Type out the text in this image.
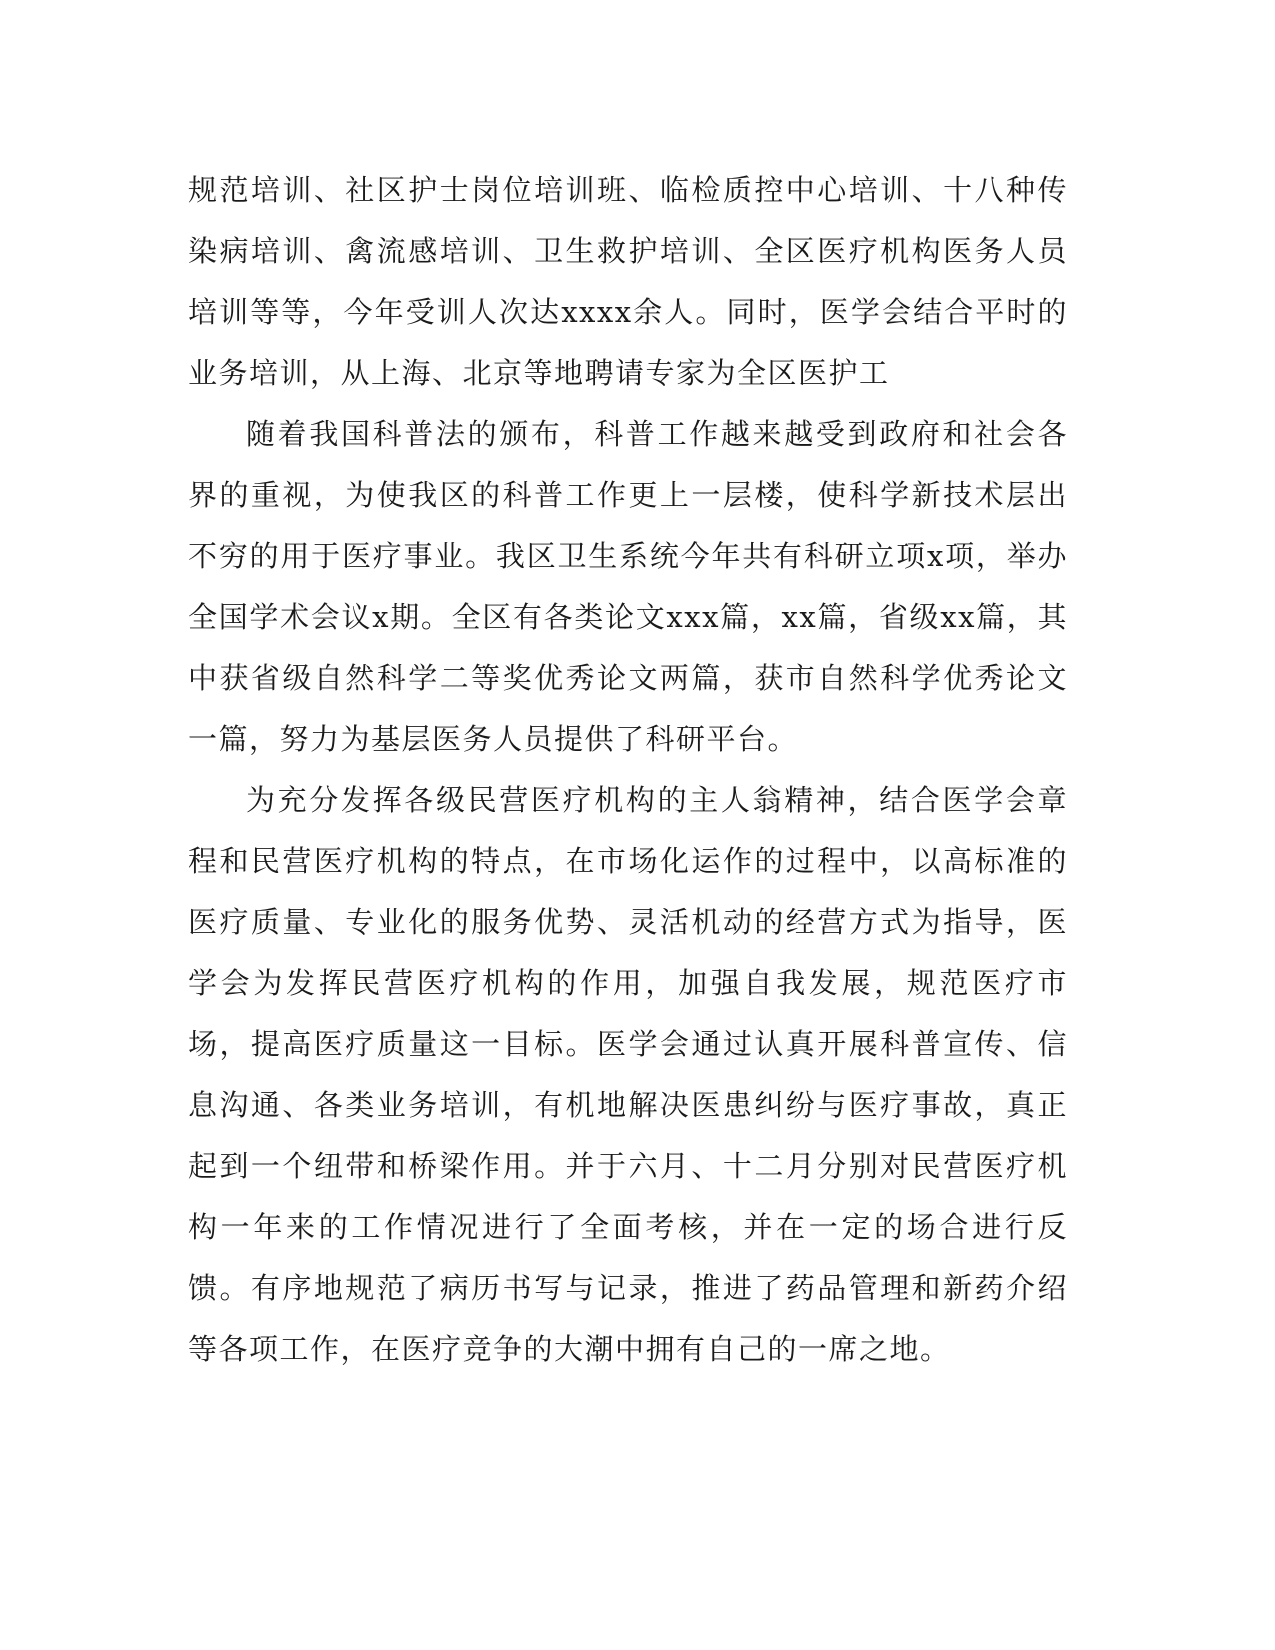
规范培训、社区护士岗位培训班、临检质控中心培训、十八种传染病培训、禽流感培训、卫生救护培训、全区医疗机构医务人员培训等等，今年受训人次达xxxx余人。同时，医学会结合平时的业务培训，从上海、北京等地聘请专家为全区医护工

随着我国科普法的颁布，科普工作越来越受到政府和社会各界的重视，为使我区的科普工作更上一层楼，使科学新技术层出不穷的用于医疗事业。我区卫生系统今年共有科研立项x项，举办全国学术会议x期。全区有各类论文xxx篇，xx篇，省级xx篇，其中获省级自然科学二等奖优秀论文两篇，获市自然科学优秀论文一篇，努力为基层医务人员提供了科研平台。

为充分发挥各级民营医疗机构的主人翁精神，结合医学会章程和民营医疗机构的特点，在市场化运作的过程中，以高标准的医疗质量、专业化的服务优势、灵活机动的经营方式为指导，医学会为发挥民营医疗机构的作用，加强自我发展，规范医疗市场，提高医疗质量这一目标。医学会通过认真开展科普宣传、信息沟通、各类业务培训，有机地解决医患纠纷与医疗事故，真正起到一个纽带和桥梁作用。并于六月、十二月分别对民营医疗机构一年来的工作情况进行了全面考核，并在一定的场合进行反馈。有序地规范了病历书写与记录，推进了药品管理和新药介绍等各项工作，在医疗竞争的大潮中拥有自己的一席之地。
